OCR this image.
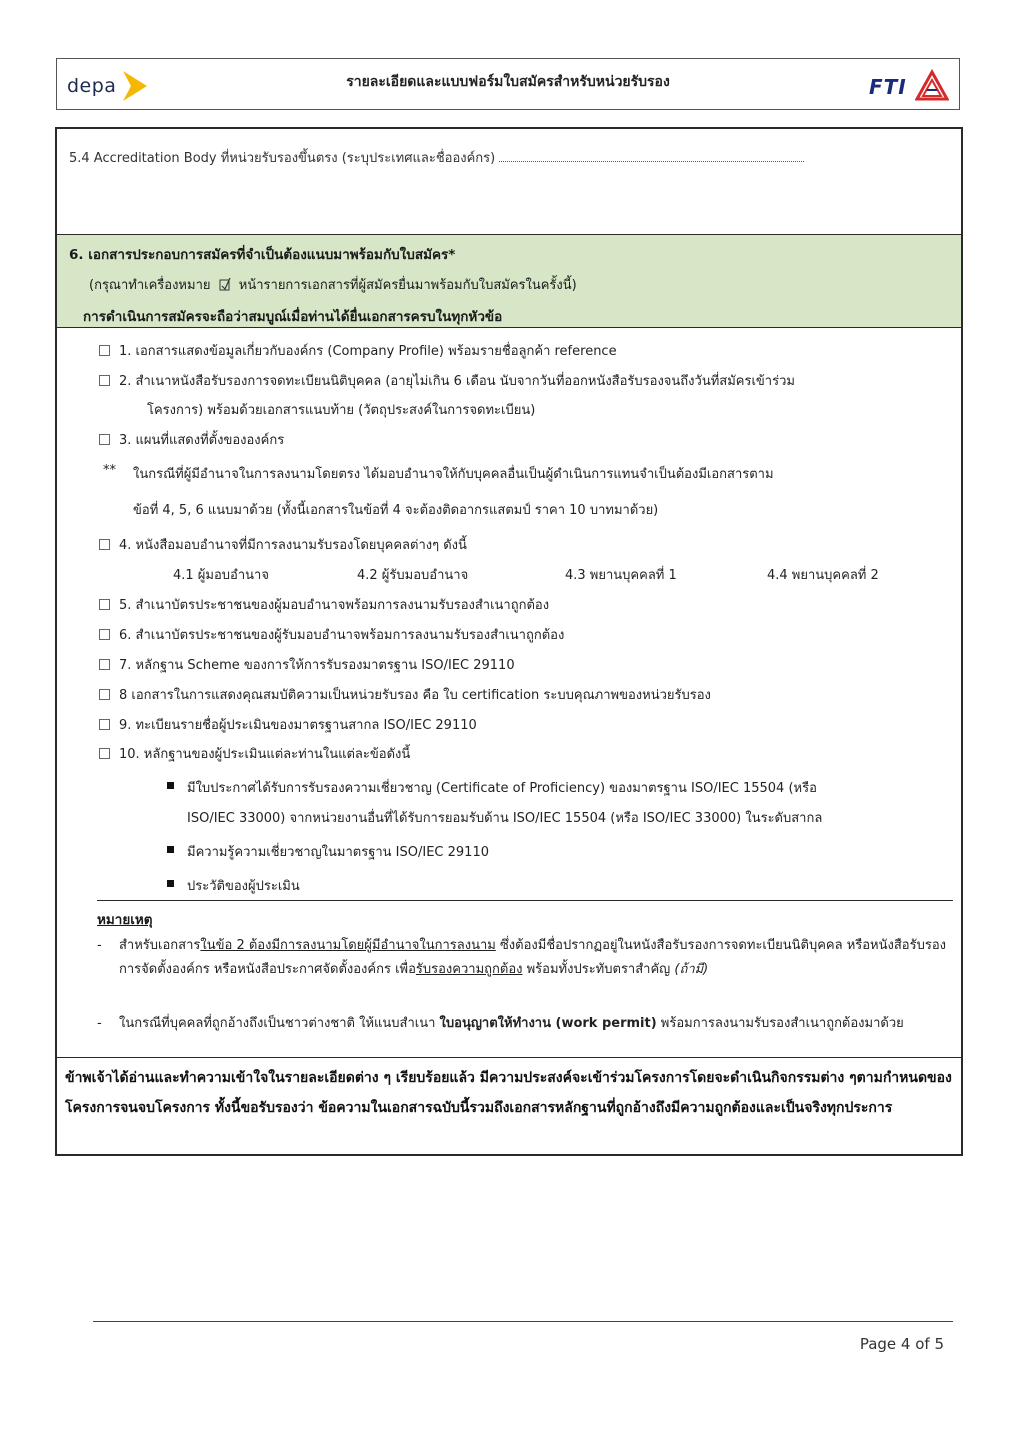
depa	รายละเอียดและแบบฟอร์มใบสมัครสำหรับหน่วยรับรอง	FTI
5.4 Accreditation Body ที่หน่วยรับรองขึ้นตรง (ระบุประเทศและชื่อองค์กร)
6. เอกสารประกอบการสมัครที่จำเป็นต้องแนบมาพร้อมกับใบสมัคร*
(กรุณาทำเครื่องหมาย หน้ารายการเอกสารที่ผู้สมัครยื่นมาพร้อมกับใบสมัครในครั้งนี้)
การดำเนินการสมัครจะถือว่าสมบูณ์เมื่อท่านได้ยื่นเอกสารครบในทุกหัวข้อ
1. เอกสารแสดงข้อมูลเกี่ยวกับองค์กร (Company Profile) พร้อมรายชื่อลูกค้า reference
2. สำเนาหนังสือรับรองการจดทะเบียนนิติบุคคล (อายุไม่เกิน 6 เดือน นับจากวันที่ออกหนังสือรับรองจนถึงวันที่สมัครเข้าร่วม
โครงการ) พร้อมด้วยเอกสารแนบท้าย (วัตถุประสงค์ในการจดทะเบียน)
3. แผนที่แสดงที่ตั้งขององค์กร
** ในกรณีที่ผู้มีอำนาจในการลงนามโดยตรง ได้มอบอำนาจให้กับบุคคลอื่นเป็นผู้ดำเนินการแทนจำเป็นต้องมีเอกสารตาม
ข้อที่ 4, 5, 6 แนบมาด้วย (ทั้งนี้เอกสารในข้อที่ 4 จะต้องติดอากรแสตมป์ ราคา 10 บาทมาด้วย)
4. หนังสือมอบอำนาจที่มีการลงนามรับรองโดยบุคคลต่างๆ ดังนี้
4.1 ผู้มอบอำนาจ	4.2 ผู้รับมอบอำนาจ	4.3 พยานบุคคลที่ 1	4.4 พยานบุคคลที่ 2
5. สำเนาบัตรประชาชนของผู้มอบอำนาจพร้อมการลงนามรับรองสำเนาถูกต้อง
6. สำเนาบัตรประชาชนของผู้รับมอบอำนาจพร้อมการลงนามรับรองสำเนาถูกต้อง
7. หลักฐาน Scheme ของการให้การรับรองมาตรฐาน ISO/IEC 29110
8 เอกสารในการแสดงคุณสมบัติความเป็นหน่วยรับรอง คือ ใบ certification ระบบคุณภาพของหน่วยรับรอง
9. ทะเบียนรายชื่อผู้ประเมินของมาตรฐานสากล ISO/IEC 29110
10. หลักฐานของผู้ประเมินแต่ละท่านในแต่ละข้อดังนี้
มีใบประกาศได้รับการรับรองความเชี่ยวชาญ (Certificate of Proficiency) ของมาตรฐาน ISO/IEC 15504 (หรือ
ISO/IEC 33000) จากหน่วยงานอื่นที่ได้รับการยอมรับด้าน ISO/IEC 15504 (หรือ ISO/IEC 33000) ในระดับสากล
มีความรู้ความเชี่ยวชาญในมาตรฐาน ISO/IEC 29110
ประวัติของผู้ประเมิน
หมายเหตุ
- สำหรับเอกสารในข้อ 2 ต้องมีการลงนามโดยผู้มีอำนาจในการลงนาม ซึ่งต้องมีชื่อปรากฏอยู่ในหนังสือรับรองการจดทะเบียนนิติบุคคล หรือหนังสือรับรองการจัดตั้งองค์กร หรือหนังสือประกาศจัดตั้งองค์กร เพื่อรับรองความถูกต้อง พร้อมทั้งประทับตราสำคัญ (ถ้ามี)
- ในกรณีที่บุคคลที่ถูกอ้างถึงเป็นชาวต่างชาติ ให้แนบสำเนา ใบอนุญาตให้ทำงาน (work permit) พร้อมการลงนามรับรองสำเนาถูกต้องมาด้วย
ข้าพเจ้าได้อ่านและทำความเข้าใจในรายละเอียดต่าง ๆ เรียบร้อยแล้ว มีความประสงค์จะเข้าร่วมโครงการโดยจะดำเนินกิจกรรมต่าง ๆตามกำหนดของโครงการจนจบโครงการ ทั้งนี้ขอรับรองว่า ข้อความในเอกสารฉบับนี้รวมถึงเอกสารหลักฐานที่ถูกอ้างถึงมีความถูกต้องและเป็นจริงทุกประการ
Page 4 of 5
